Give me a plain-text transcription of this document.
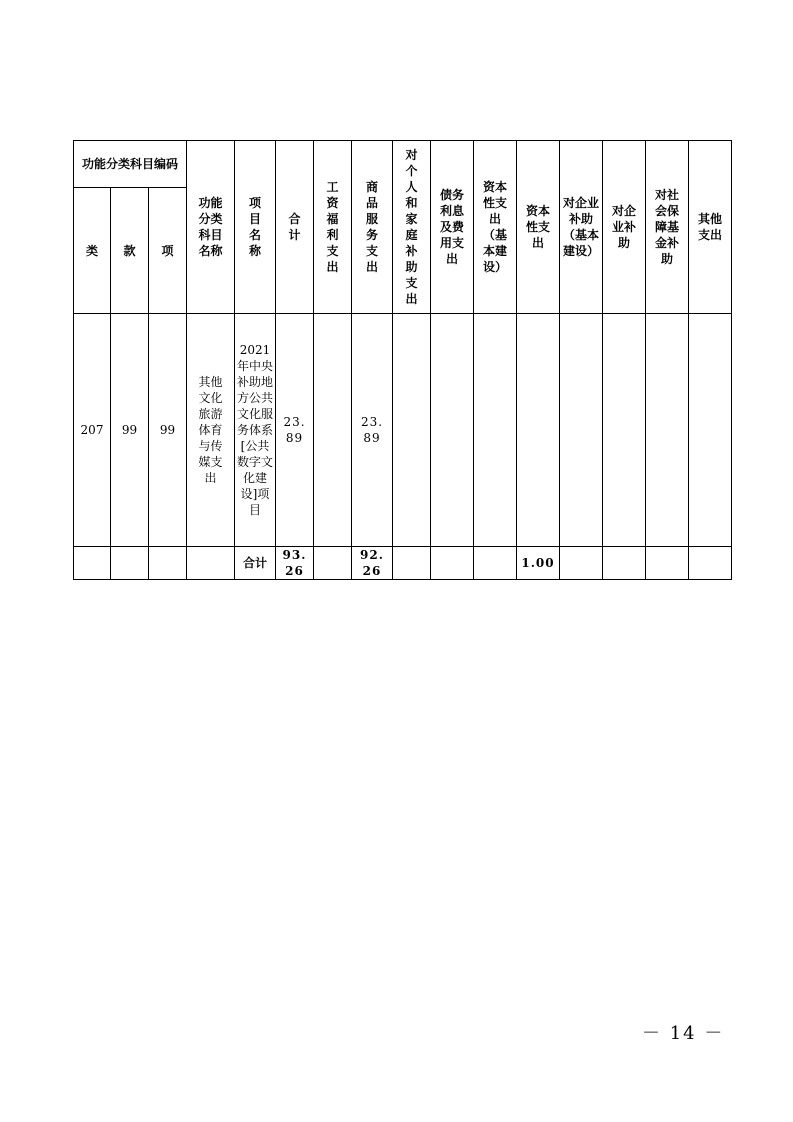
功能分类科目编码			功能分类科目名称	项目名称	合计	工资福利支出	商品服务支出	对个人和家庭补助支出	债务利息及费用支出	资本性支出（基本建设）	资本性支出	对企业补助（基本建设）	对企业补助	对社会保障基金补助	其他支出
类	款	项													
207	99	99	其他文化旅游体育与传媒支出	2021年中央补助地方公共文化服务体系[公共数字文化建设]项目	23.89		23.89								
				合计	93.26		92.26				1.00				
－ 14 －
